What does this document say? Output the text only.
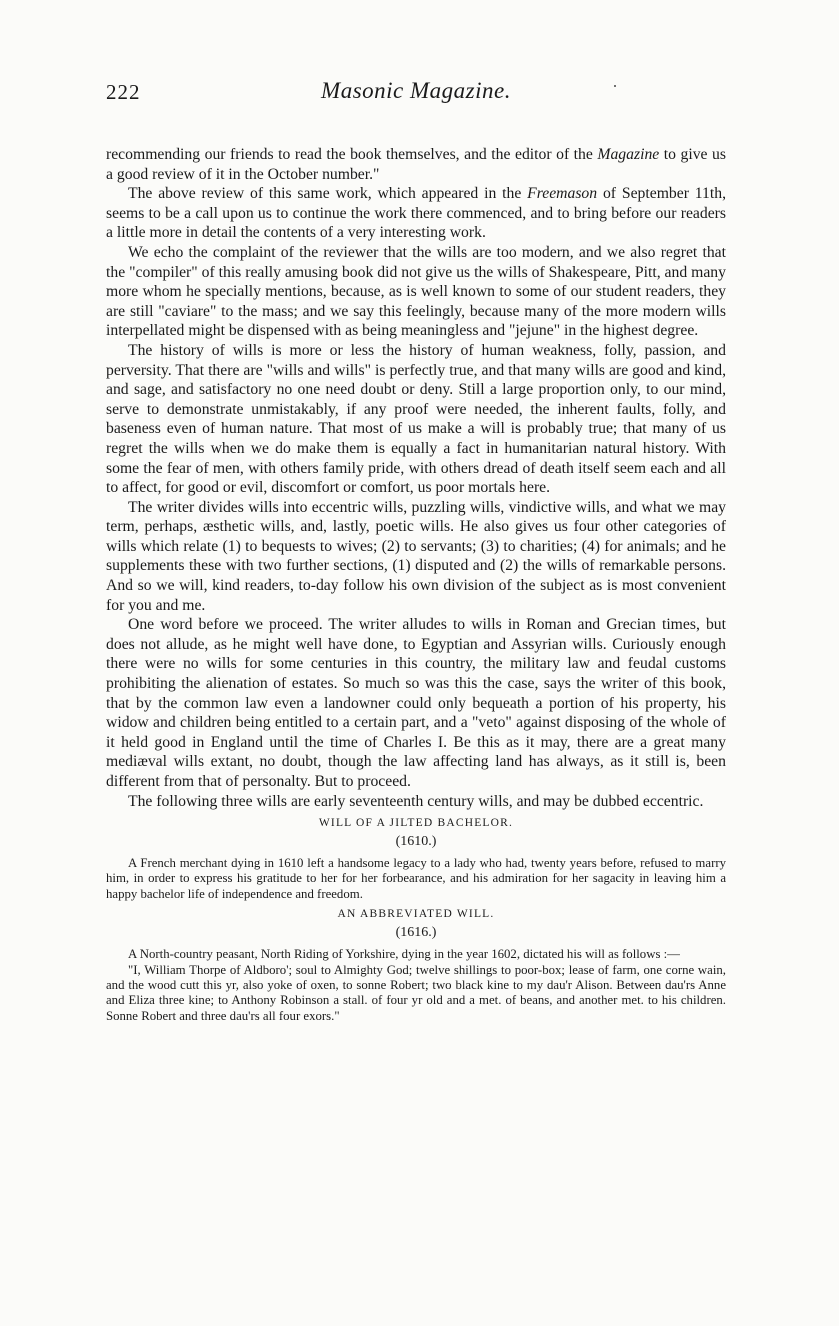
222	Masonic Magazine.

recommending our friends to read the book themselves, and the editor of the Magazine to give us a good review of it in the October number."

The above review of this same work, which appeared in the Freemason of September 11th, seems to be a call upon us to continue the work there commenced, and to bring before our readers a little more in detail the contents of a very interesting work.

We echo the complaint of the reviewer that the wills are too modern, and we also regret that the "compiler" of this really amusing book did not give us the wills of Shakespeare, Pitt, and many more whom he specially mentions, because, as is well known to some of our student readers, they are still "caviare" to the mass; and we say this feelingly, because many of the more modern wills interpellated might be dispensed with as being meaningless and "jejune" in the highest degree.

The history of wills is more or less the history of human weakness, folly, passion, and perversity. That there are "wills and wills" is perfectly true, and that many wills are good and kind, and sage, and satisfactory no one need doubt or deny. Still a large proportion only, to our mind, serve to demonstrate unmistakably, if any proof were needed, the inherent faults, folly, and baseness even of human nature. That most of us make a will is probably true; that many of us regret the wills when we do make them is equally a fact in humanitarian natural history. With some the fear of men, with others family pride, with others dread of death itself seem each and all to affect, for good or evil, discomfort or comfort, us poor mortals here.

The writer divides wills into eccentric wills, puzzling wills, vindictive wills, and what we may term, perhaps, æsthetic wills, and, lastly, poetic wills. He also gives us four other categories of wills which relate (1) to bequests to wives; (2) to servants; (3) to charities; (4) for animals; and he supplements these with two further sections, (1) disputed and (2) the wills of remarkable persons. And so we will, kind readers, to-day follow his own division of the subject as is most convenient for you and me.

One word before we proceed. The writer alludes to wills in Roman and Grecian times, but does not allude, as he might well have done, to Egyptian and Assyrian wills. Curiously enough there were no wills for some centuries in this country, the military law and feudal customs prohibiting the alienation of estates. So much so was this the case, says the writer of this book, that by the common law even a landowner could only bequeath a portion of his property, his widow and children being entitled to a certain part, and a "veto" against disposing of the whole of it held good in England until the time of Charles I. Be this as it may, there are a great many mediæval wills extant, no doubt, though the law affecting land has always, as it still is, been different from that of personalty. But to proceed.

The following three wills are early seventeenth century wills, and may be dubbed eccentric.

WILL OF A JILTED BACHELOR.
(1610.)

A French merchant dying in 1610 left a handsome legacy to a lady who had, twenty years before, refused to marry him, in order to express his gratitude to her for her forbearance, and his admiration for her sagacity in leaving him a happy bachelor life of independence and freedom.

AN ABBREVIATED WILL.
(1616.)

A North-country peasant, North Riding of Yorkshire, dying in the year 1602, dictated his will as follows :—

"I, William Thorpe of Aldboro'; soul to Almighty God; twelve shillings to poor-box; lease of farm, one corne wain, and the wood cutt this yr, also yoke of oxen, to sonne Robert; two black kine to my dau'r Alison. Between dau'rs Anne and Eliza three kine; to Anthony Robinson a stall. of four yr old and a met. of beans, and another met. to his children. Sonne Robert and three dau'rs all four exors."
